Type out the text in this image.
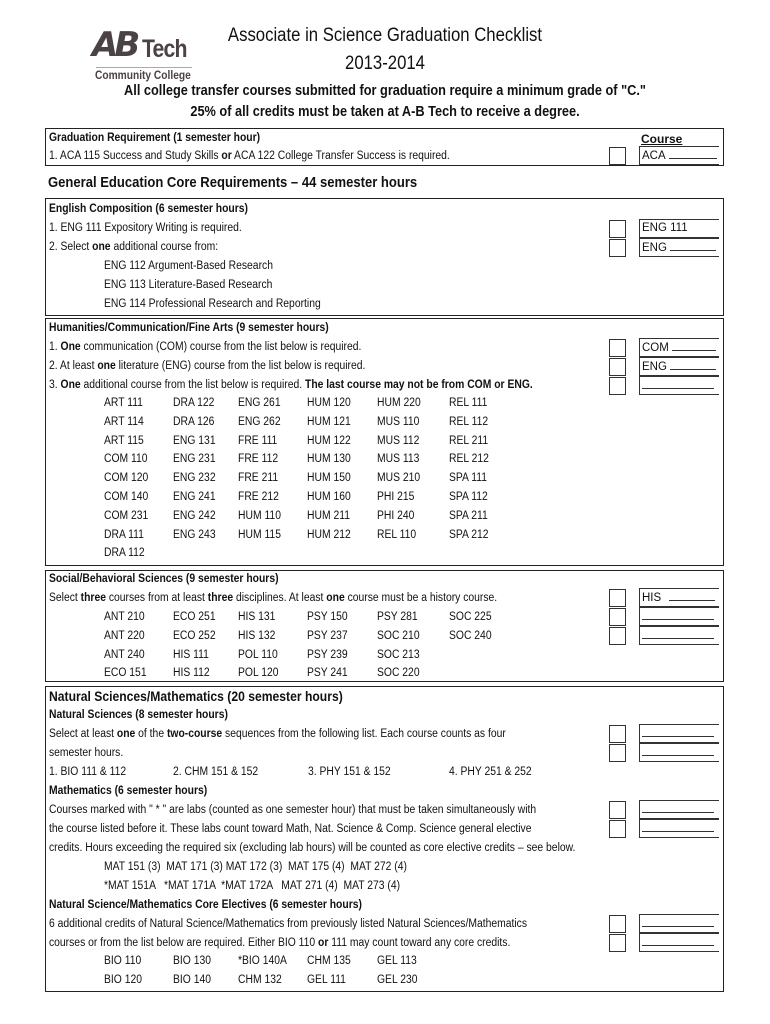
AB Tech
Community College
Associate in Science Graduation Checklist
2013-2014
All college transfer courses submitted for graduation require a minimum grade of "C."
25% of all credits must be taken at A-B Tech to receive a degree.
Graduation Requirement (1 semester hour)	Course
1. ACA 115 Success and Study Skills or ACA 122 College Transfer Success is required.	ACA
General Education Core Requirements – 44 semester hours
English Composition (6 semester hours)
1. ENG 111 Expository Writing is required.
2. Select one additional course from:
ENG 112 Argument-Based Research
ENG 113 Literature-Based Research
ENG 114 Professional Research and Reporting
ENG 111
ENG
Humanities/Communication/Fine Arts (9 semester hours)
1. One communication (COM) course from the list below is required.
2. At least one literature (ENG) course from the list below is required.
3. One additional course from the list below is required. The last course may not be from COM or ENG.
COM
ENG
ART 111	DRA 122 ENG 261 HUM 120 HUM 220 REL 111
ART 114	DRA 126 ENG 262 HUM 121 MUS 110	REL 112
ART 115	ENG 131 FRE 111	HUM 122 MUS 112	REL 211
COM 110 ENG 231 FRE 112	HUM 130 MUS 113	REL 212
COM 120 ENG 232 FRE 211	HUM 150 MUS 210	SPA 111
COM 140 ENG 241 FRE 212 HUM 160 PHI 215	SPA 112
COM 231 ENG 242 HUM 110 HUM 211 PHI 240	SPA 211
DRA 111	ENG 243 HUM 115 HUM 212 REL 110	SPA 212
DRA 112
Social/Behavioral Sciences (9 semester hours)
Select three courses from at least three disciplines. At least one course must be a history course.	HIS
ANT 210 ECO 251 HIS 131	PSY 150	PSY 281	SOC 225
ANT 220 ECO 252 HIS 132	PSY 237	SOC 210	SOC 240
ANT 240 HIS 111	POL 110	PSY 239	SOC 213
ECO 151 HIS 112 POL 120 PSY 241	SOC 220
Natural Sciences/Mathematics (20 semester hours)
Natural Sciences (8 semester hours)
Select at least one of the two-course sequences from the following list. Each course counts as four
semester hours.
1. BIO 111 & 112	2. CHM 151 & 152	3. PHY 151 & 152	4. PHY 251 & 252
Mathematics (6 semester hours)
Courses marked with " * " are labs (counted as one semester hour) that must be taken simultaneously with
the course listed before it. These labs count toward Math, Nat. Science & Comp. Science general elective
credits. Hours exceeding the required six (excluding lab hours) will be counted as core elective credits – see below.
MAT 151 (3)  MAT 171 (3) MAT 172 (3)  MAT 175 (4)  MAT 272 (4)
*MAT 151A   *MAT 171A  *MAT 172A   MAT 271 (4)  MAT 273 (4)
Natural Science/Mathematics Core Electives (6 semester hours)
6 additional credits of Natural Science/Mathematics from previously listed Natural Sciences/Mathematics
courses or from the list below are required. Either BIO 110 or 111 may count toward any core credits.
BIO 110	BIO 130 *BIO 140A CHM 135 GEL 113
BIO 120	BIO 140 CHM 132 GEL 111	GEL 230
